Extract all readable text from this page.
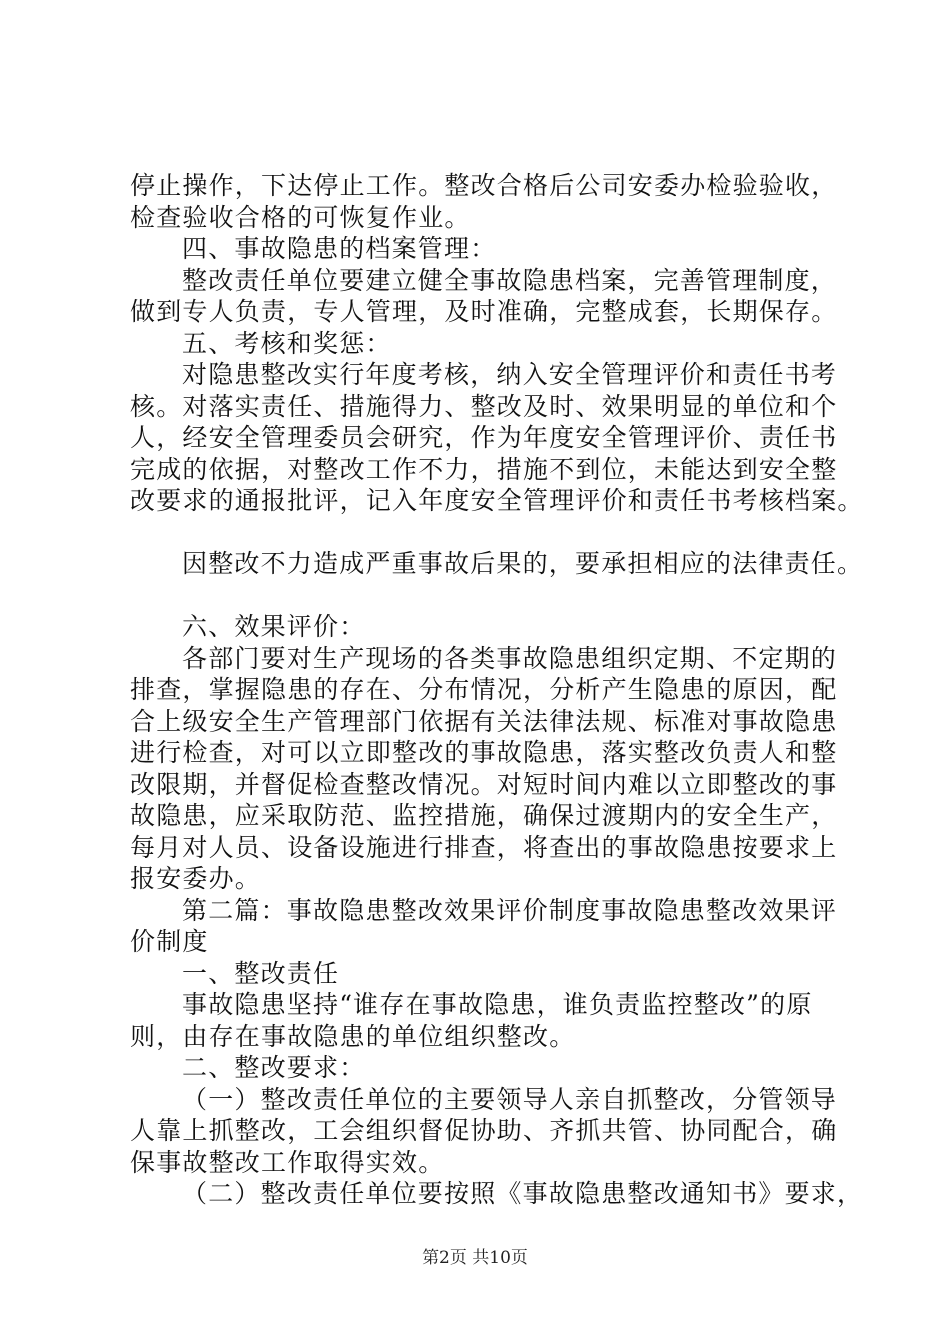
停止操作，下达停止工作。整改合格后公司安委办检验验收，
检查验收合格的可恢复作业。
四、事故隐患的档案管理：
整改责任单位要建立健全事故隐患档案，完善管理制度，
做到专人负责，专人管理，及时准确，完整成套，长期保存。
五、考核和奖惩：
对隐患整改实行年度考核，纳入安全管理评价和责任书考
核。对落实责任、措施得力、整改及时、效果明显的单位和个
人，经安全管理委员会研究，作为年度安全管理评价、责任书
完成的依据，对整改工作不力，措施不到位，未能达到安全整
改要求的通报批评，记入年度安全管理评价和责任书考核档案。
因整改不力造成严重事故后果的，要承担相应的法律责任。
六、效果评价：
各部门要对生产现场的各类事故隐患组织定期、不定期的
排查，掌握隐患的存在、分布情况，分析产生隐患的原因，配
合上级安全生产管理部门依据有关法律法规、标准对事故隐患
进行检查，对可以立即整改的事故隐患，落实整改负责人和整
改限期，并督促检查整改情况。对短时间内难以立即整改的事
故隐患，应采取防范、监控措施，确保过渡期内的安全生产，
每月对人员、设备设施进行排查，将查出的事故隐患按要求上
报安委办。
第二篇：事故隐患整改效果评价制度事故隐患整改效果评
价制度
一、整改责任
事故隐患坚持“谁存在事故隐患，谁负责监控整改”的原
则，由存在事故隐患的单位组织整改。
二、整改要求：
（一）整改责任单位的主要领导人亲自抓整改，分管领导
人靠上抓整改，工会组织督促协助、齐抓共管、协同配合，确
保事故整改工作取得实效。
（二）整改责任单位要按照《事故隐患整改通知书》要求，
第2页 共10页
